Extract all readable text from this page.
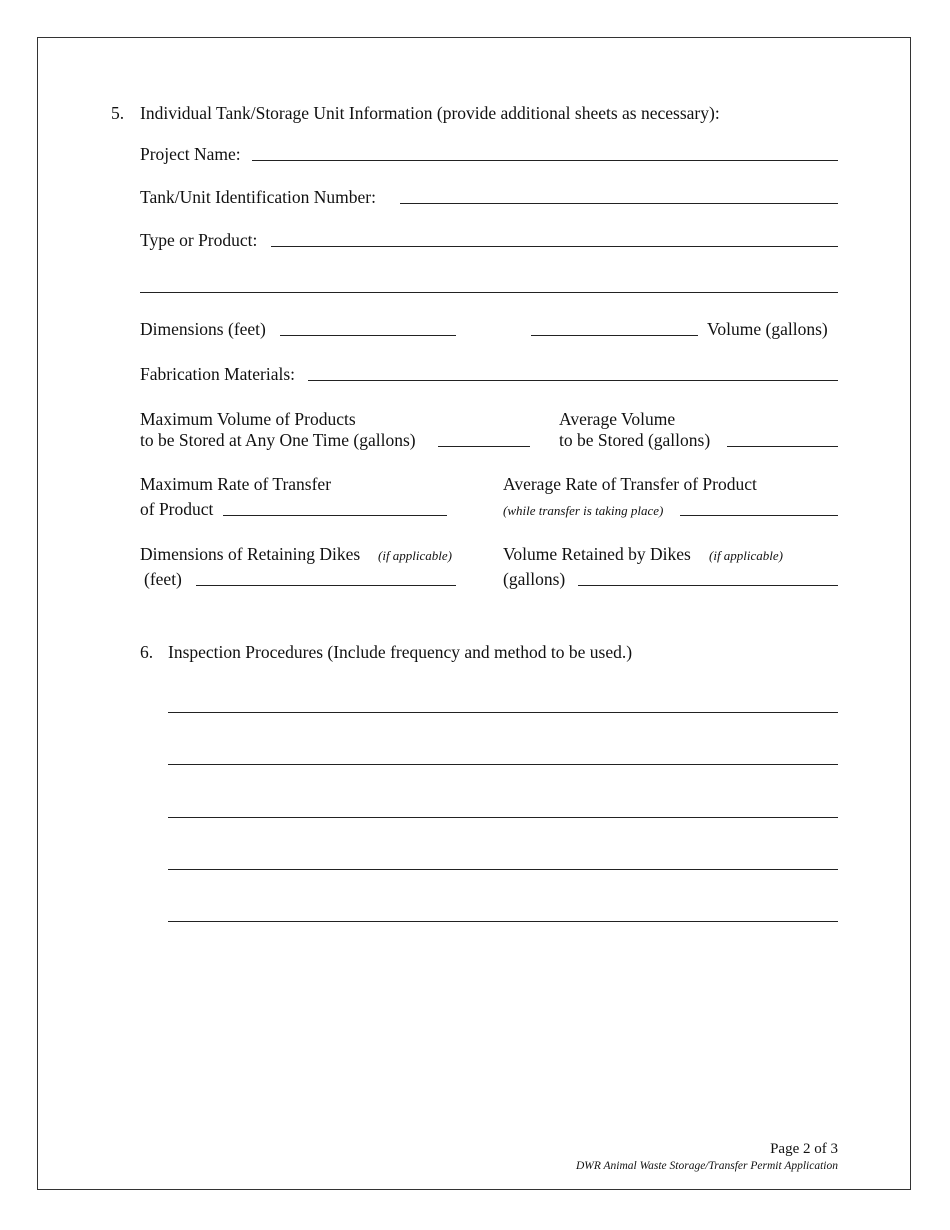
5. Individual Tank/Storage Unit Information (provide additional sheets as necessary):
Project Name:
Tank/Unit Identification Number:
Type or Product:
Dimensions (feet)	Volume (gallons)
Fabrication Materials:
Maximum Volume of Products
to be Stored at Any One Time (gallons)
Average Volume
to be Stored (gallons)
Maximum Rate of Transfer
of Product
Average Rate of Transfer of Product
(while transfer is taking place)
Dimensions of Retaining Dikes (if applicable)
(feet)
Volume Retained by Dikes (if applicable)
(gallons)
6. Inspection Procedures (Include frequency and method to be used.)
Page 2 of 3
DWR Animal Waste Storage/Transfer Permit Application
